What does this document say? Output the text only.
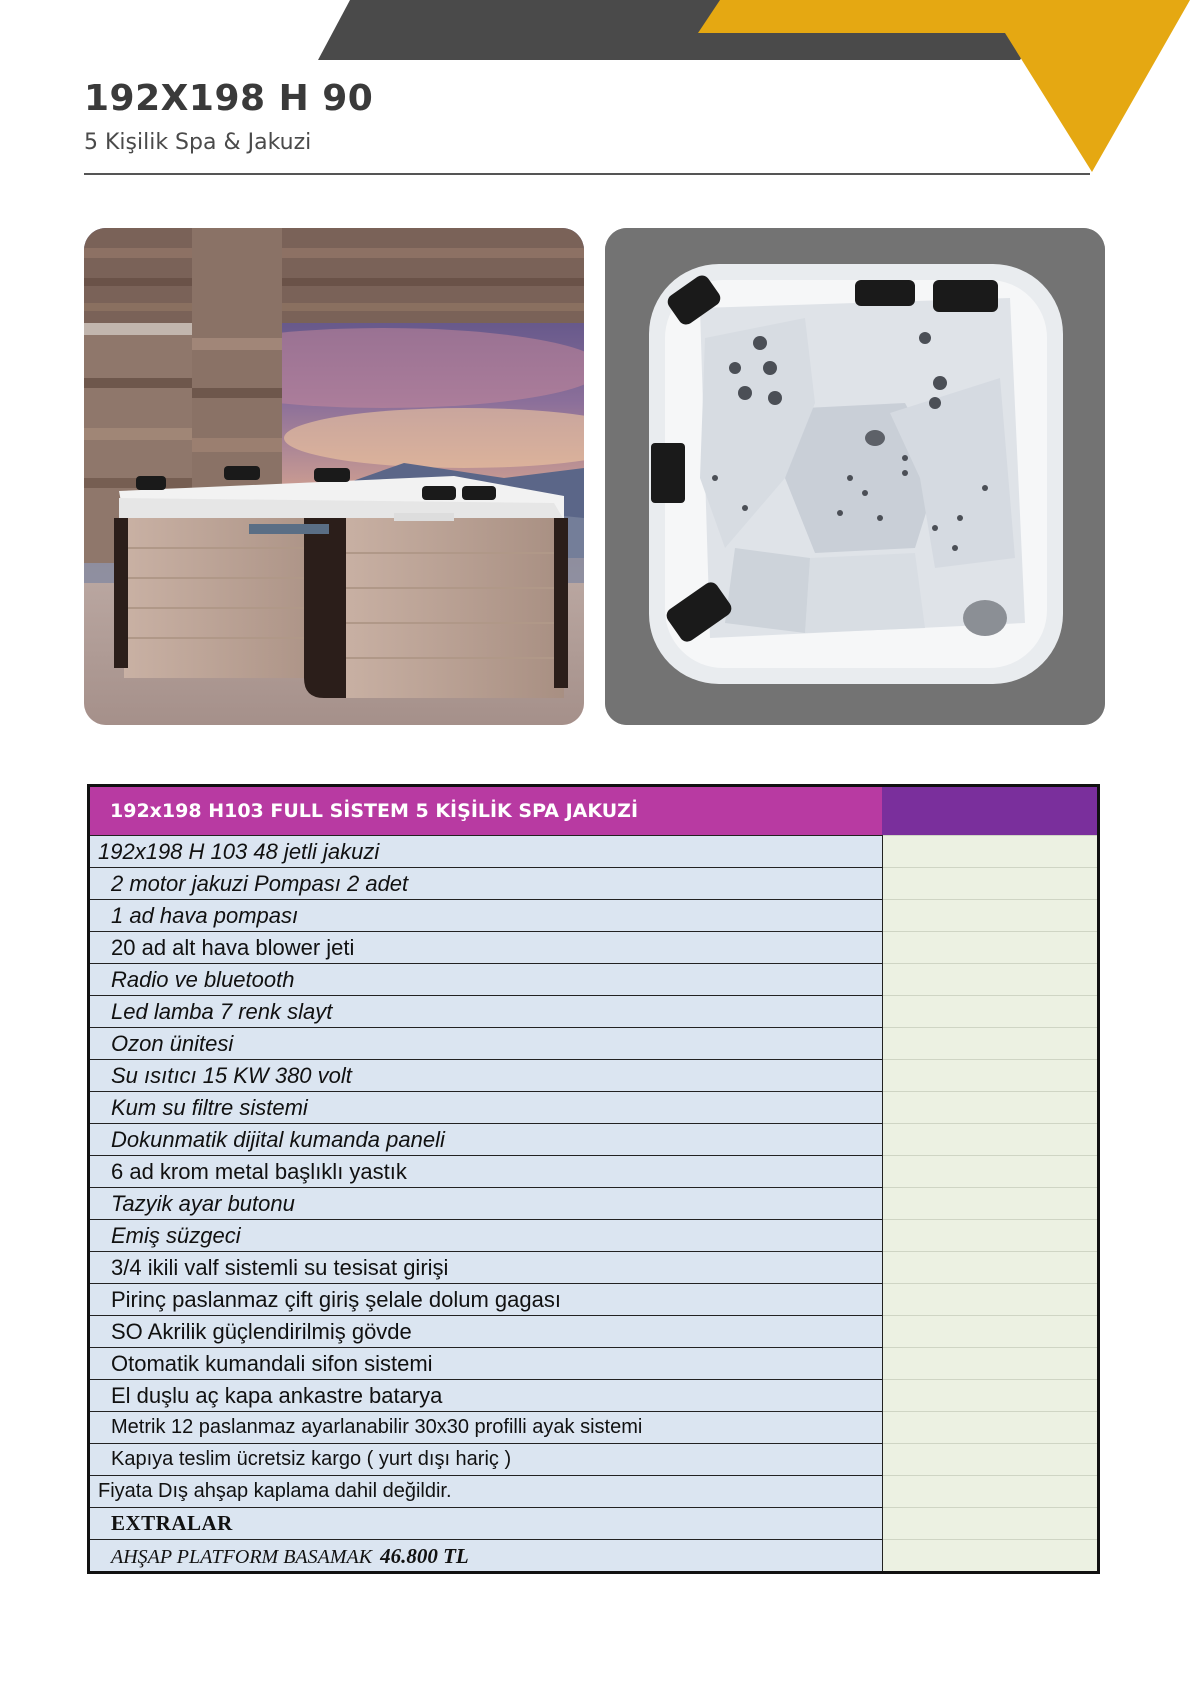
192X198 H 90
5 Kişilik Spa & Jakuzi
192x198 H103 FULL SİSTEM 5 KİŞİLİK SPA JAKUZİ	
192x198 H 103 48 jetli jakuzi	
2 motor jakuzi Pompası 2 adet	
1 ad hava pompası	
20 ad alt hava blower jeti	
Radio ve bluetooth	
Led lamba 7 renk slayt	
Ozon ünitesi	
Su ısıtıcı 15 KW 380 volt	
Kum su filtre sistemi	
Dokunmatik dijital kumanda paneli	
6 ad krom metal başlıklı yastık	
Tazyik ayar butonu	
Emiş süzgeci	
3/4 ikili valf sistemli su tesisat girişi	
Pirinç paslanmaz çift giriş şelale dolum gagası	
SO Akrilik güçlendirilmiş gövde	
Otomatik kumandali sifon sistemi	
El duşlu aç kapa ankastre batarya	
Metrik 12 paslanmaz ayarlanabilir 30x30 profilli ayak sistemi	
Kapıya teslim ücretsiz kargo ( yurt dışı hariç )	
Fiyata Dış ahşap kaplama dahil değildir.	
EXTRALAR	
AHŞAP PLATFORM BASAMAK 46.800 TL	
